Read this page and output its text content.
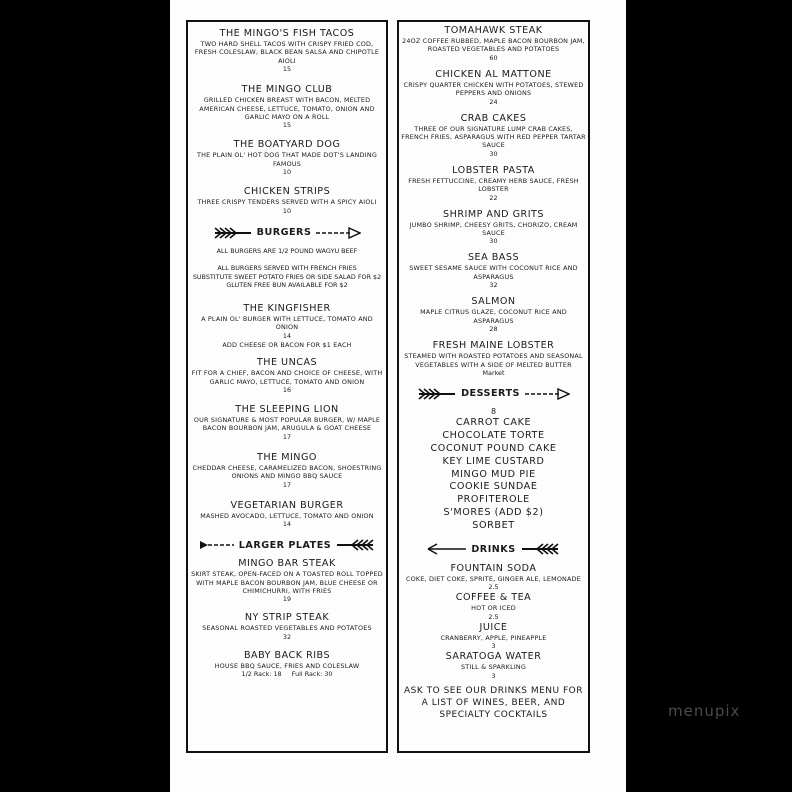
THE MINGO'S FISH TACOS
TWO HARD SHELL TACOS WITH CRISPY FRIED COD, FRESH COLESLAW, BLACK BEAN SALSA AND CHIPOTLE AIOLI
15
THE MINGO CLUB
GRILLED CHICKEN BREAST WITH BACON, MELTED AMERICAN CHEESE, LETTUCE, TOMATO, ONION AND GARLIC MAYO ON A ROLL
15
THE BOATYARD DOG
THE PLAIN OL' HOT DOG THAT MADE DOT'S LANDING FAMOUS
10
CHICKEN STRIPS
THREE CRISPY TENDERS SERVED WITH A SPICY AIOLI
10
BURGERS
ALL BURGERS ARE 1/2 POUND WAGYU BEEF
ALL BURGERS SERVED WITH FRENCH FRIES
SUBSTITUTE SWEET POTATO FRIES OR SIDE SALAD FOR $2
GLUTEN FREE BUN AVAILABLE FOR $2
THE KINGFISHER
A PLAIN OL' BURGER WITH LETTUCE, TOMATO AND ONION
14
ADD CHEESE OR BACON FOR $1 EACH
THE UNCAS
FIT FOR A CHIEF, BACON AND CHOICE OF CHEESE, WITH GARLIC MAYO, LETTUCE, TOMATO AND ONION
16
THE SLEEPING LION
OUR SIGNATURE & MOST POPULAR BURGER, W/ MAPLE BACON BOURBON JAM, ARUGULA & GOAT CHEESE
17
THE MINGO
CHEDDAR CHEESE, CARAMELIZED BACON, SHOESTRING ONIONS AND MINGO BBQ SAUCE
17
VEGETARIAN BURGER
MASHED AVOCADO, LETTUCE, TOMATO AND ONION
14
LARGER PLATES
MINGO BAR STEAK
SKIRT STEAK, OPEN-FACED ON A TOASTED ROLL TOPPED WITH MAPLE BACON BOURBON JAM, BLUE CHEESE OR CHIMICHURRI, WITH FRIES
19
NY STRIP STEAK
SEASONAL ROASTED VEGETABLES AND POTATOES
32
BABY BACK RIBS
HOUSE BBQ SAUCE, FRIES AND COLESLAW
1/2 Rack: 18     Full Rack: 30
TOMAHAWK STEAK
24OZ COFFEE RUBBED, MAPLE BACON BOURBON JAM, ROASTED VEGETABLES AND POTATOES
60
CHICKEN AL MATTONE
CRISPY QUARTER CHICKEN WITH POTATOES, STEWED PEPPERS AND ONIONS
24
CRAB CAKES
THREE OF OUR SIGNATURE LUMP CRAB CAKES, FRENCH FRIES, ASPARAGUS WITH RED PEPPER TARTAR SAUCE
30
LOBSTER PASTA
FRESH FETTUCCINE, CREAMY HERB SAUCE, FRESH LOBSTER
22
SHRIMP AND GRITS
JUMBO SHRIMP, CHEESY GRITS, CHORIZO, CREAM SAUCE
30
SEA BASS
SWEET SESAME SAUCE WITH COCONUT RICE AND ASPARAGUS
32
SALMON
MAPLE CITRUS GLAZE, COCONUT RICE AND ASPARAGUS
28
FRESH MAINE LOBSTER
STEAMED WITH ROASTED POTATOES AND SEASONAL VEGETABLES WITH A SIDE OF MELTED BUTTER
Market
DESSERTS
8
CARROT CAKE
CHOCOLATE TORTE
COCONUT POUND CAKE
KEY LIME CUSTARD
MINGO MUD PIE
COOKIE SUNDAE
PROFITEROLE
S'MORES (ADD $2)
SORBET
DRINKS
FOUNTAIN SODA
COKE, DIET COKE, SPRITE, GINGER ALE, LEMONADE
2.5
COFFEE & TEA
HOT OR ICED
2.5
JUICE
CRANBERRY, APPLE, PINEAPPLE
3
SARATOGA WATER
STILL & SPARKLING
3
ASK TO SEE OUR DRINKS MENU FOR A LIST OF WINES, BEER, AND SPECIALTY COCKTAILS	menupix
